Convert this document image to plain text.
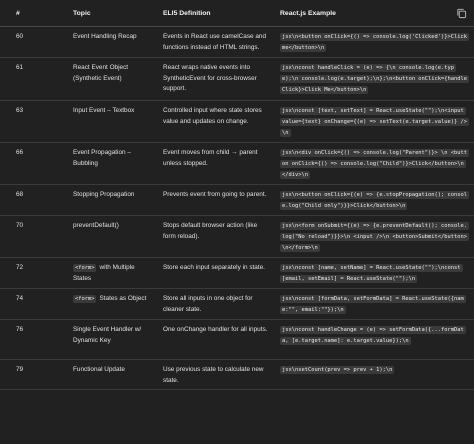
#	Topic	ELI5 Definition	React.js Example
60	Event Handling Recap	Events in React use camelCase and functions instead of HTML strings.	jsx\n<button onClick={() => console.log('Clicked')}>Click me</button>\n
61	React Event Object (Synthetic Event)	React wraps native events into SyntheticEvent for cross-browser support.	jsx\nconst handleClick = (e) => {\n console.log(e.type);\n console.log(e.target);\n};\n<button onClick={handleClick}>Click Me</button>\n
63	Input Event – Textbox	Controlled input where state stores value and updates on change.	jsx\nconst [text, setText] = React.useState("");\n<input value={text} onChange={(e) => setText(e.target.value)} />\n
66	Event Propagation – Bubbling	Event moves from child → parent unless stopped.	jsx\n<div onClick={() => console.log("Parent")}> \n <button onClick={() => console.log("Child")}>Click</button>\n</div>\n
68	Stopping Propagation	Prevents event from going to parent.	jsx\n<button onClick={(e) => {e.stopPropagation(); console.log("Child only")}}>Click</button>\n
70	preventDefault()	Stops default browser action (like form reload).	jsx\n<form onSubmit={(e) => {e.preventDefault(); console.log("No reload")}}>\n <input />\n <button>Submit</button>\n</form>\n
72	<form> with Multiple States	Store each input separately in state.	jsx\nconst [name, setName] = React.useState("");\nconst [email, setEmail] = React.useState("");\n
74	<form> States as Object	Store all inputs in one object for cleaner state.	jsx\nconst [formData, setFormData] = React.useState({name:"", email:""});\n
76	Single Event Handler w/ Dynamic Key	One onChange handler for all inputs.	jsx\nconst handleChange = (e) => setFormData({...formData, [e.target.name]: e.target.value});\n
79	Functional Update	Use previous state to calculate new state.	jsx\nsetCount(prev => prev + 1);\n
